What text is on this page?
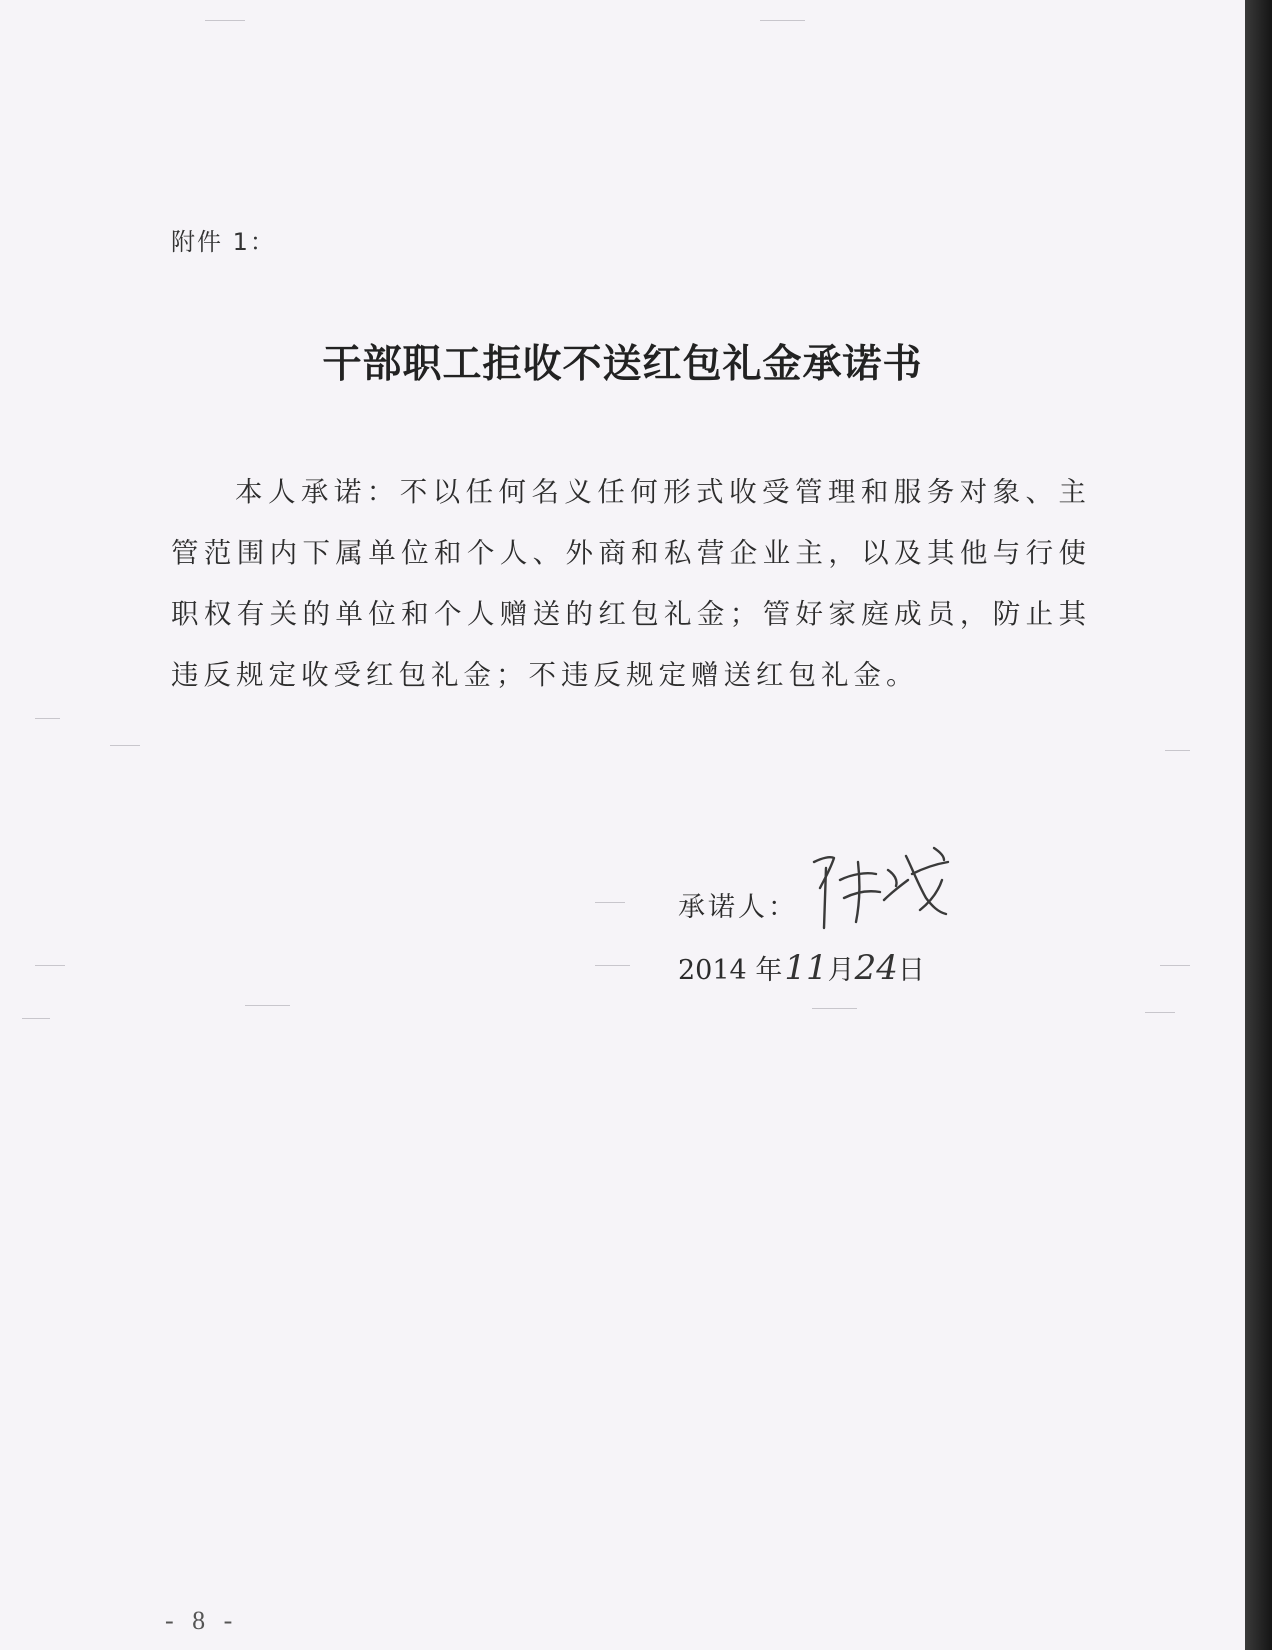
附件 1：
干部职工拒收不送红包礼金承诺书

本人承诺：不以任何名义任何形式收受管理和服务对象、主管范围内下属单位和个人、外商和私营企业主，以及其他与行使职权有关的单位和个人赠送的红包礼金；管好家庭成员，防止其违反规定收受红包礼金；不违反规定赠送红包礼金。

承诺人：
2014 年11月24日
- 8 -
